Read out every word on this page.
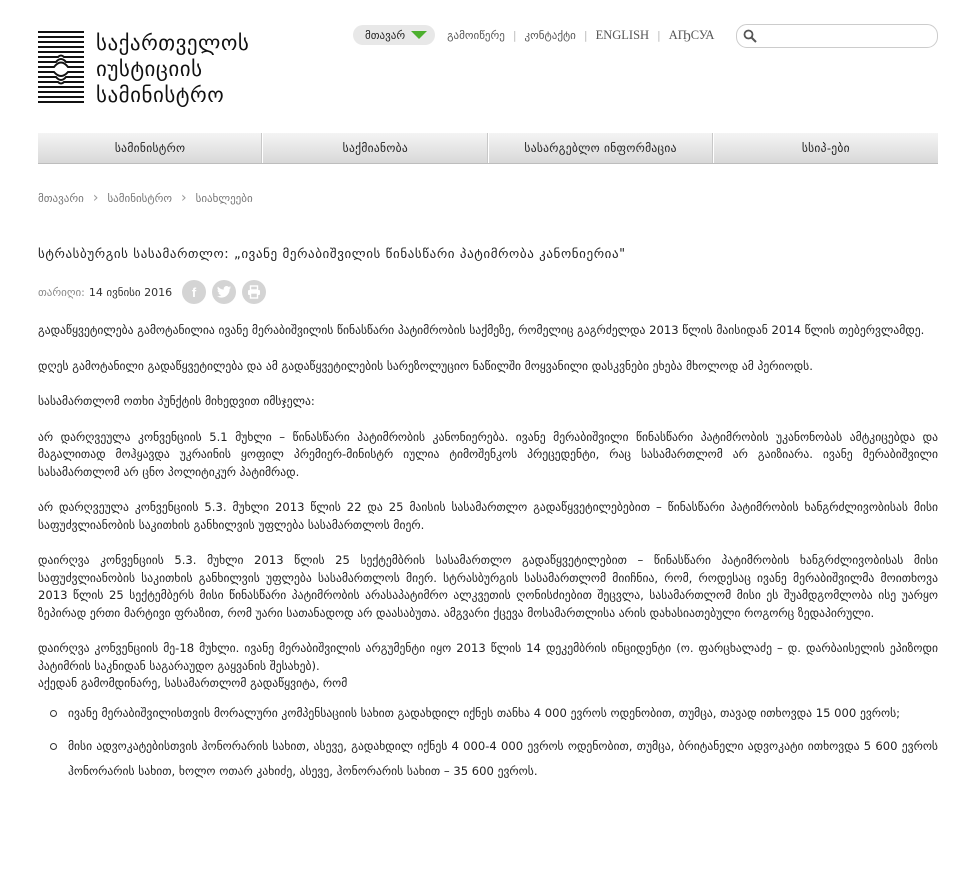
საქართველოს
იუსტიციის
სამინისტრო
მთავარ	გამოიწერე | კონტაქტი | ENGLISH | АҦСУА
სამინისტრო	საქმიანობა	სასარგებლო ინფორმაცია	სსიპ-ები
მთავარი › სამინისტრო › სიახლეები
სტრასბურგის სასამართლო: „ივანე მერაბიშვილის წინასწარი პატიმრობა კანონიერია"
თარიღი: 14 ივნისი 2016	f

გადაწყვეტილება გამოტანილია ივანე მერაბიშვილის წინასწარი პატიმრობის საქმეზე, რომელიც გაგრძელდა 2013 წლის მაისიდან 2014 წლის თებერვლამდე.

დღეს გამოტანილი გადაწყვეტილება და ამ გადაწყვეტილების სარეზოლუციო ნაწილში მოყვანილი დასკვნები ეხება მხოლოდ ამ პერიოდს.

სასამართლომ ოთხი პუნქტის მიხედვით იმსჯელა:

არ დარღვეულა კონვენციის 5.1 მუხლი – წინასწარი პატიმრობის კანონიერება. ივანე მერაბიშვილი წინასწარი პატიმრობის უკანონობას ამტკიცებდა და მაგალითად მოჰყავდა უკრაინის ყოფილ პრემიერ-მინისტრ იულია ტიმოშენკოს პრეცედენტი, რაც სასამართლომ არ გაიზიარა. ივანე მერაბიშვილი სასამართლომ არ ცნო პოლიტიკურ პატიმრად.

არ დარღვეულა კონვენციის 5.3. მუხლი 2013 წლის 22 და 25 მაისის სასამართლო გადაწყვეტილებებით – წინასწარი პატიმრობის ხანგრძლივობისას მისი საფუძვლიანობის საკითხის განხილვის უფლება სასამართლოს მიერ.

დაირღვა კონვენციის 5.3. მუხლი 2013 წლის 25 სექტემბრის სასამართლო გადაწყვეტილებით – წინასწარი პატიმრობის ხანგრძლივობისას მისი საფუძვლიანობის საკითხის განხილვის უფლება სასამართლოს მიერ. სტრასბურგის სასამართლომ მიიჩნია, რომ, როდესაც ივანე მერაბიშვილმა მოითხოვა 2013 წლის 25 სექტემბერს მისი წინასწარი პატიმრობის არასაპატიმრო ალკვეთის ღონისძიებით შეცვლა, სასამართლომ მისი ეს შუამდგომლობა ისე უარყო ზეპირად ერთი მარტივი ფრაზით, რომ უარი სათანადოდ არ დაასაბუთა. ამგვარი ქცევა მოსამართლისა არის დახასიათებული როგორც ზედაპირული.

დაირღვა კონვენციის მე-18 მუხლი. ივანე მერაბიშვილის არგუმენტი იყო 2013 წლის 14 დეკემბრის ინციდენტი (ო. ფარცხალაძე – დ. დარბაისელის ეპიზოდი პატიმრის საკნიდან საგარაუდო გაყვანის შესახებ).

აქედან გამომდინარე, სასამართლომ გადაწყვიტა, რომ

ივანე მერაბიშვილისთვის მორალური კომპენსაციის სახით გადახდილ იქნეს თანხა 4 000 ევროს ოდენობით, თუმცა, თავად ითხოვდა 15 000 ევროს;
მისი ადვოკატებისთვის ჰონორარის სახით, ასევე, გადახდილ იქნეს 4 000-4 000 ევროს ოდენობით, თუმცა, ბრიტანელი ადვოკატი ითხოვდა 5 600 ევროს ჰონორარის სახით, ხოლო ოთარ კახიძე, ასევე, ჰონორარის სახით – 35 600 ევროს.
